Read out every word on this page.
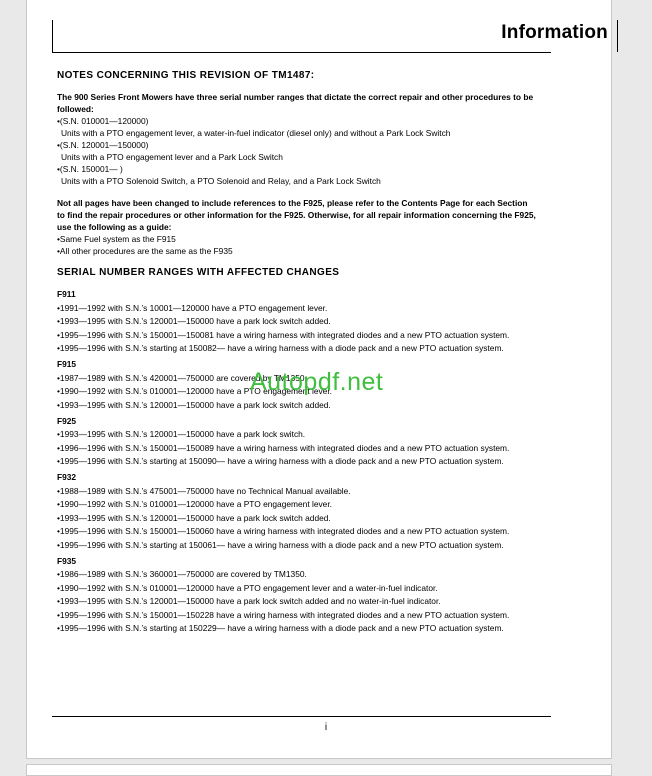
Information
NOTES CONCERNING THIS REVISION OF TM1487:
The 900 Series Front Mowers have three serial number ranges that dictate the correct repair and other procedures to be followed:
•(S.N. 010001—120000)
Units with a PTO engagement lever, a water-in-fuel indicator (diesel only) and without a Park Lock Switch
•(S.N. 120001—150000)
Units with a PTO engagement lever and a Park Lock Switch
•(S.N. 150001— )
Units with a PTO Solenoid Switch, a PTO Solenoid and Relay, and a Park Lock Switch
Not all pages have been changed to include references to the F925, please refer to the Contents Page for each Section to find the repair procedures or other information for the F925. Otherwise, for all repair information concerning the F925, use the following as a guide:
•Same Fuel system as the F915
•All other procedures are the same as the F935
SERIAL NUMBER RANGES WITH AFFECTED CHANGES
F911
•1991—1992 with S.N.’s 10001—120000 have a PTO engagement lever.
•1993—1995 with S.N.’s 120001—150000 have a park lock switch added.
•1995—1996 with S.N.’s 150001—150081 have a wiring harness with integrated diodes and a new PTO actuation system.
•1995—1996 with S.N.’s starting at 150082— have a wiring harness with a diode pack and a new PTO actuation system.
F915
•1987—1989 with S.N.’s 420001—750000 are covered by TM1350.
•1990—1992 with S.N.’s 010001—120000 have a PTO engagement lever.
•1993—1995 with S.N.’s 120001—150000 have a park lock switch added.
F925
•1993—1995 with S.N.’s 120001—150000 have a park lock switch.
•1996—1996 with S.N.’s 150001—150089 have a wiring harness with integrated diodes and a new PTO actuation system.
•1995—1996 with S.N.’s starting at 150090— have a wiring harness with a diode pack and a new PTO actuation system.
F932
•1988—1989 with S.N.’s 475001—750000 have no Technical Manual available.
•1990—1992 with S.N.’s 010001—120000 have a PTO engagement lever.
•1993—1995 with S.N.’s 120001—150000 have a park lock switch added.
•1995—1996 with S.N.’s 150001—150060 have a wiring harness with integrated diodes and a new PTO actuation system.
•1995—1996 with S.N.’s starting at 150061— have a wiring harness with a diode pack and a new PTO actuation system.
F935
•1986—1989 with S.N.’s 360001—750000 are covered by TM1350.
•1990—1992 with S.N.’s 010001—120000 have a PTO engagement lever and a water-in-fuel indicator.
•1993—1995 with S.N.’s 120001—150000 have a park lock switch added and no water-in-fuel indicator.
•1995—1996 with S.N.’s 150001—150228 have a wiring harness with integrated diodes and a new PTO actuation system.
•1995—1996 with S.N.’s starting at 150229— have a wiring harness with a diode pack and a new PTO actuation system.
i
Autopdf.net
